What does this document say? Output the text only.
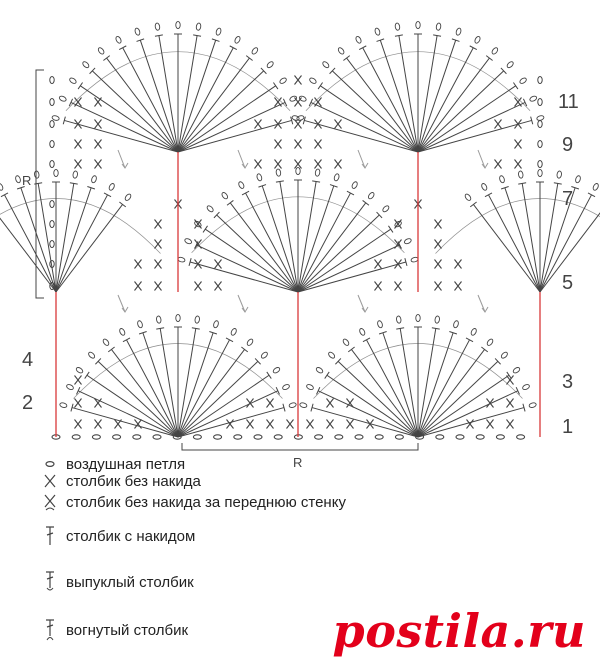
R
R
1
3
5
7
9
11
2
4
воздушная петля
столбик без накида
столбик без накида за переднюю стенку
столбик с накидом
выпуклый столбик
вогнутый столбик	postila.ru
